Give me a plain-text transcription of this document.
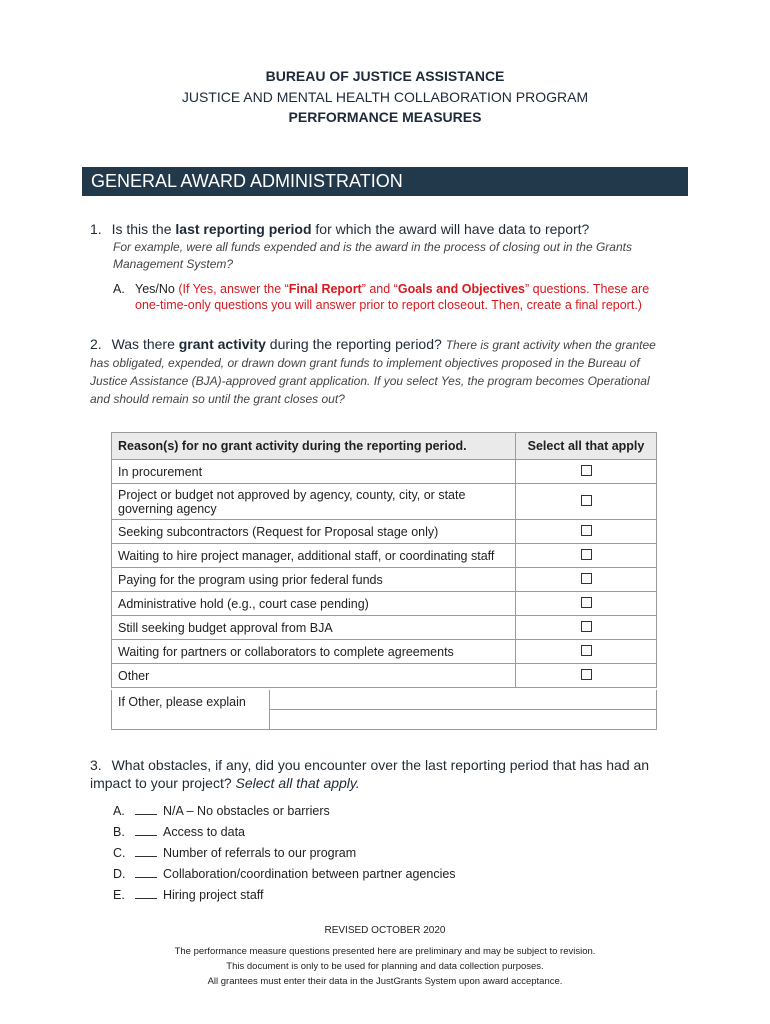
BUREAU OF JUSTICE ASSISTANCE
JUSTICE AND MENTAL HEALTH COLLABORATION PROGRAM
PERFORMANCE MEASURES
GENERAL AWARD ADMINISTRATION
1. Is this the last reporting period for which the award will have data to report?
For example, were all funds expended and is the award in the process of closing out in the Grants Management System?
A. Yes/No (If Yes, answer the “Final Report” and “Goals and Objectives” questions. These are one-time-only questions you will answer prior to report closeout. Then, create a final report.)
2. Was there grant activity during the reporting period? There is grant activity when the grantee has obligated, expended, or drawn down grant funds to implement objectives proposed in the Bureau of Justice Assistance (BJA)-approved grant application. If you select Yes, the program becomes Operational and should remain so until the grant closes out?
Reason(s) for no grant activity during the reporting period.	Select all that apply
In procurement	
Project or budget not approved by agency, county, city, or state governing agency	
Seeking subcontractors (Request for Proposal stage only)	
Waiting to hire project manager, additional staff, or coordinating staff	
Paying for the program using prior federal funds	
Administrative hold (e.g., court case pending)	
Still seeking budget approval from BJA	
Waiting for partners or collaborators to complete agreements	
Other	
If Other, please explain
3. What obstacles, if any, did you encounter over the last reporting period that has had an impact to your project? Select all that apply.
A.	N/A – No obstacles or barriers
B.	Access to data
C.	Number of referrals to our program
D.	Collaboration/coordination between partner agencies
E.	Hiring project staff
REVISED OCTOBER 2020
The performance measure questions presented here are preliminary and may be subject to revision.
This document is only to be used for planning and data collection purposes.
All grantees must enter their data in the JustGrants System upon award acceptance.
